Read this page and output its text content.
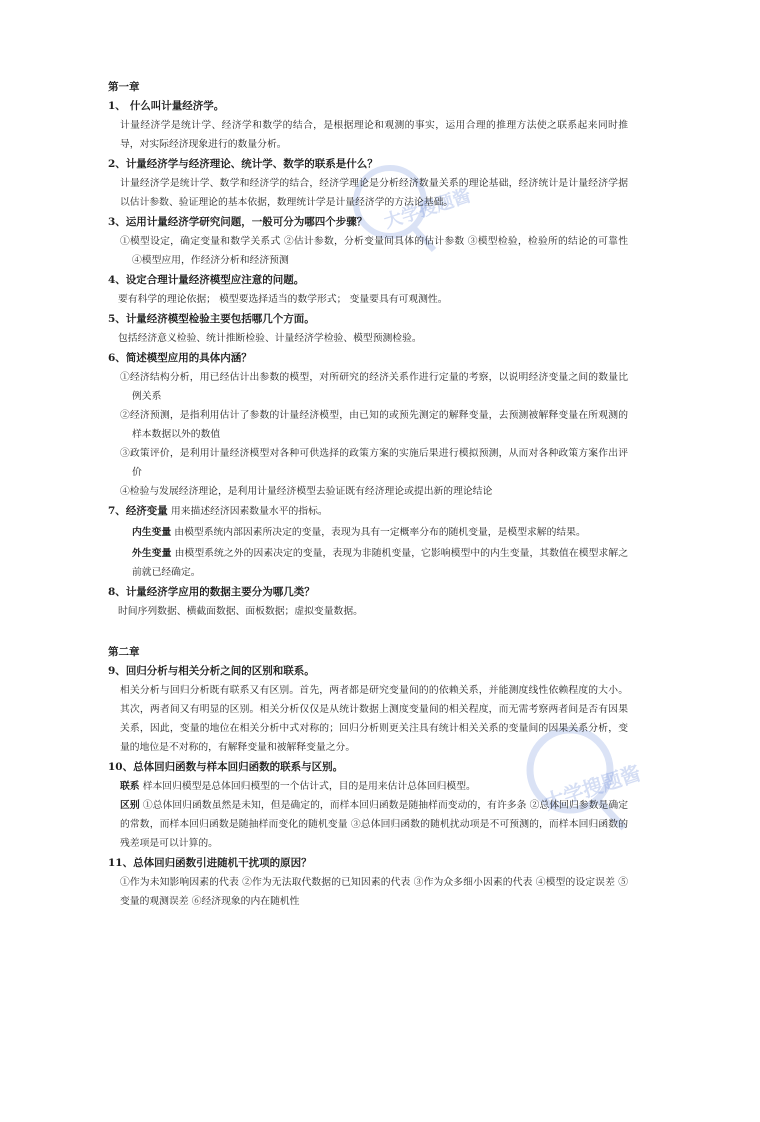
大学搜题酱
大学搜题酱

第一章

1、 什么叫计量经济学。

计量经济学是统计学、经济学和数学的结合，是根据理论和观测的事实，运用合理的推理方法使之联系起来同时推导，对实际经济现象进行的数量分析。

2、计量经济学与经济理论、统计学、数学的联系是什么？

计量经济学是统计学、数学和经济学的结合，经济学理论是分析经济数量关系的理论基础，经济统计是计量经济学据以估计参数、验证理论的基本依据，数理统计学是计量经济学的方法论基础。

3、运用计量经济学研究问题，一般可分为哪四个步骤？

①模型设定，确定变量和数学关系式 ②估计参数，分析变量间具体的估计参数 ③模型检验，检验所的结论的可靠性 ④模型应用，作经济分析和经济预测

4、设定合理计量经济模型应注意的问题。

要有科学的理论依据； 模型要选择适当的数学形式； 变量要具有可观测性。

5、计量经济模型检验主要包括哪几个方面。

包括经济意义检验、统计推断检验、计量经济学检验、模型预测检验。

6、简述模型应用的具体内涵？

①经济结构分析，用已经估计出参数的模型，对所研究的经济关系作进行定量的考察，以说明经济变量之间的数量比例关系

②经济预测，是指利用估计了参数的计量经济模型，由已知的或预先测定的解释变量，去预测被解释变量在所观测的样本数据以外的数值

③政策评价，是利用计量经济模型对各种可供选择的政策方案的实施后果进行模拟预测，从而对各种政策方案作出评价

④检验与发展经济理论，是利用计量经济模型去验证既有经济理论或提出新的理论结论

7、经济变量 用来描述经济因素数量水平的指标。

内生变量 由模型系统内部因素所决定的变量，表现为具有一定概率分布的随机变量，是模型求解的结果。

外生变量 由模型系统之外的因素决定的变量，表现为非随机变量，它影响模型中的内生变量，其数值在模型求解之前就已经确定。

8、计量经济学应用的数据主要分为哪几类？

时间序列数据、横截面数据、面板数据；虚拟变量数据。

第二章

9、回归分析与相关分析之间的区别和联系。

相关分析与回归分析既有联系又有区别。首先，两者都是研究变量间的的依赖关系，并能测度线性依赖程度的大小。其次，两者间又有明显的区别。相关分析仅仅是从统计数据上测度变量间的相关程度，而无需考察两者间是否有因果关系，因此，变量的地位在相关分析中式对称的；回归分析则更关注具有统计相关关系的变量间的因果关系分析，变量的地位是不对称的，有解释变量和被解释变量之分。

10、总体回归函数与样本回归函数的联系与区别。

联系 样本回归模型是总体回归模型的一个估计式，目的是用来估计总体回归模型。

区别 ①总体回归函数虽然是未知，但是确定的，而样本回归函数是随抽样而变动的，有许多条 ②总体回归参数是确定的常数，而样本回归函数是随抽样而变化的随机变量 ③总体回归函数的随机扰动项是不可预测的，而样本回归函数的残差项是可以计算的。

11、总体回归函数引进随机干扰项的原因？

①作为未知影响因素的代表 ②作为无法取代数据的已知因素的代表 ③作为众多细小因素的代表 ④模型的设定误差 ⑤变量的观测误差 ⑥经济现象的内在随机性
